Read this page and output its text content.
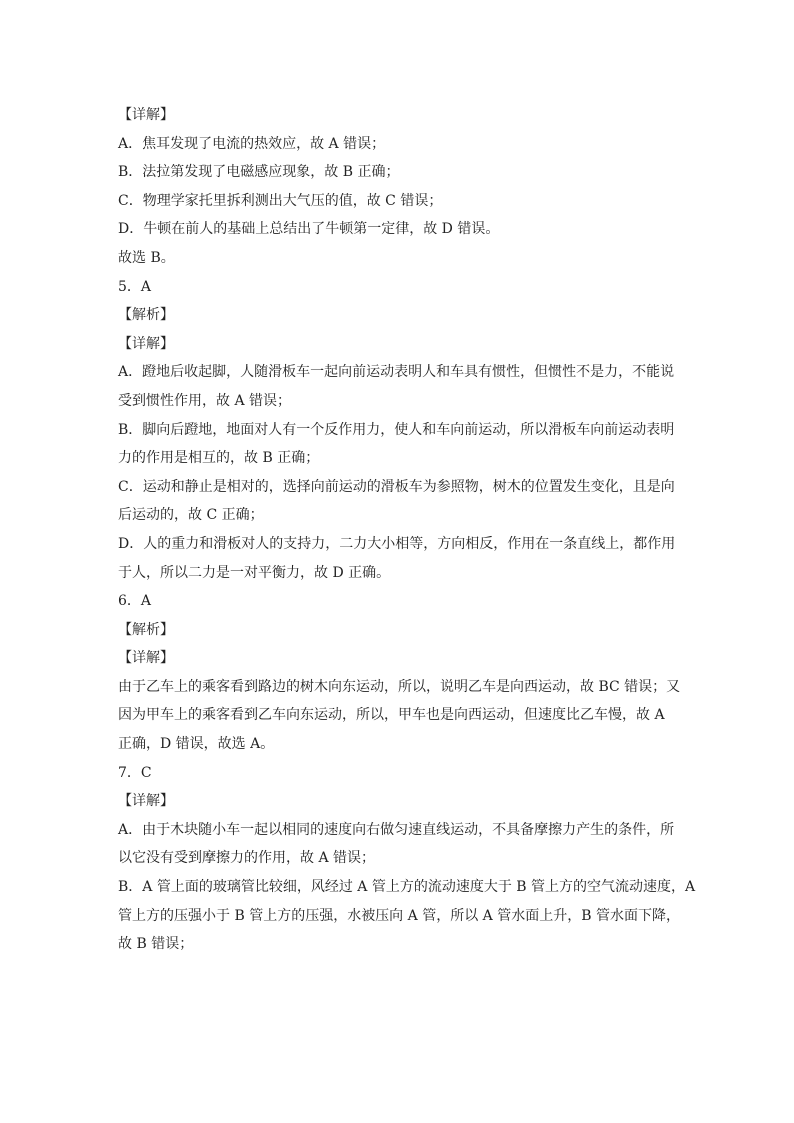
【详解】
A．焦耳发现了电流的热效应，故 A 错误；
B．法拉第发现了电磁感应现象，故 B 正确；
C．物理学家托里拆利测出大气压的值，故 C 错误；
D．牛顿在前人的基础上总结出了牛顿第一定律，故 D 错误。
故选 B。
5．A
【解析】
【详解】
A．蹬地后收起脚，人随滑板车一起向前运动表明人和车具有惯性，但惯性不是力，不能说
受到惯性作用，故 A 错误；
B．脚向后蹬地，地面对人有一个反作用力，使人和车向前运动，所以滑板车向前运动表明
力的作用是相互的，故 B 正确；
C．运动和静止是相对的，选择向前运动的滑板车为参照物，树木的位置发生变化，且是向
后运动的，故 C 正确；
D．人的重力和滑板对人的支持力，二力大小相等，方向相反，作用在一条直线上，都作用
于人，所以二力是一对平衡力，故 D 正确。
6．A
【解析】
【详解】
由于乙车上的乘客看到路边的树木向东运动，所以，说明乙车是向西运动，故 BC 错误；又
因为甲车上的乘客看到乙车向东运动，所以，甲车也是向西运动，但速度比乙车慢，故 A
正确，D 错误，故选 A。
7．C
【详解】
A．由于木块随小车一起以相同的速度向右做匀速直线运动，不具备摩擦力产生的条件，所
以它没有受到摩擦力的作用，故 A 错误；
B．A 管上面的玻璃管比较细，风经过 A 管上方的流动速度大于 B 管上方的空气流动速度，A
管上方的压强小于 B 管上方的压强，水被压向 A 管，所以 A 管水面上升，B 管水面下降，
故 B 错误；
